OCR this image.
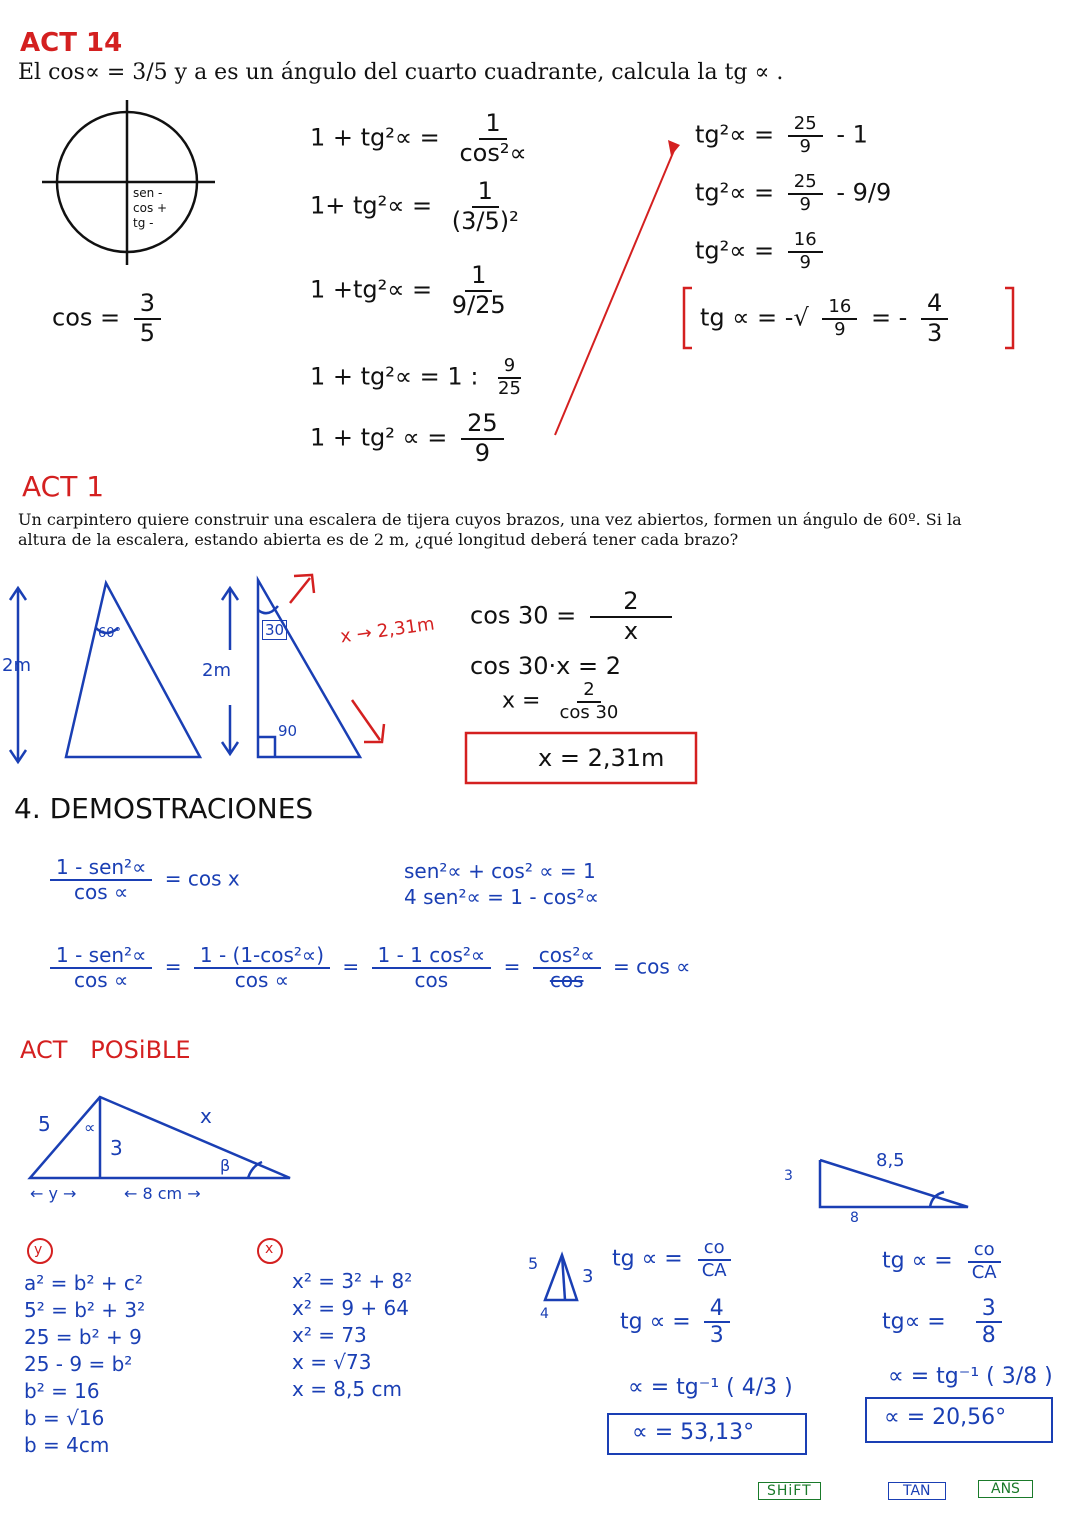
ACT 14
El cos∝ = 3/5 y a es un ángulo del cuarto cuadrante, calcula la tg ∝ .
sen -
cos +
tg -
$\cos = \frac{3}{5}$
$1 + tg^2\propto = \frac{1}{\text{cos²∝}}$
$1+ tg^2\propto = \frac{1}{\text{(3/5)²}}$
$1 +tg^2\propto = \frac{1}{9/25}$
1 + tg²∝ = 1 : $\frac{9}{25}$
1 + tg² ∝ = $\frac{25}{9}$
$tg^2\propto = \frac{25}{9} - 1$
$tg^2\propto = \frac{25}{9} - 9/9$
$tg^2\propto = \frac{16}{9}$
tg ∝ = -√ $\frac{16}{9}$ = - $\frac{4}{3}$
ACT 1
Un carpintero quiere construir una escalera de tijera cuyos brazos, una vez abiertos, formen un ángulo de 60º. Si la
altura de la escalera, estando abierta es de 2 m, ¿qué longitud deberá tener cada brazo?
2m
60°
2m
30
90
x → 2,31m $\cos 30 = \frac{2}{x}$
cos 30·x = 2
$x = \frac{2}{\cos 30}$
x = 2,31m
4. DEMOSTRACIONES
$\frac{\text{1 - sen²∝}}{\cos \propto} = \cos x$	sen²∝ + cos² ∝ = 1
4 sen²∝ = 1 - cos²∝
$\frac{\text{1 - sen²∝}}{\cos \propto} = \frac{\text{1 - (1-cos²∝)}}{\cos \propto} = \frac{\text{1 - 1 cos²∝}}{\cos} = \frac{\text{cos²∝}}{\cos} = \cos$ ∝
ACT   POSiBLE
5 ∝
3
x
β
← y →	← 8 cm →
y	x
a² = b² + c²
5² = b² + 3²
25 = b² + 9
25 - 9 = b²
b² = 16
b = √16
b = 4cm
x² = 3² + 8²
x² = 9 + 64
x² = 73
x = √73
x = 8,5 cm
5
3
4
tg ∝ = $\frac{co}{CA}$
tg ∝ = $\frac{4}{3}$
∝ = tg⁻¹ ( 4/3 )
∝ = 53,13°
3
8
8,5
tg ∝ = $\frac{co}{CA}$
$tg\propto = \frac{3}{8}$
∝ = tg⁻¹ ( 3/8 )
∝ = 20,56°
SHiFT	TAN	ANS
